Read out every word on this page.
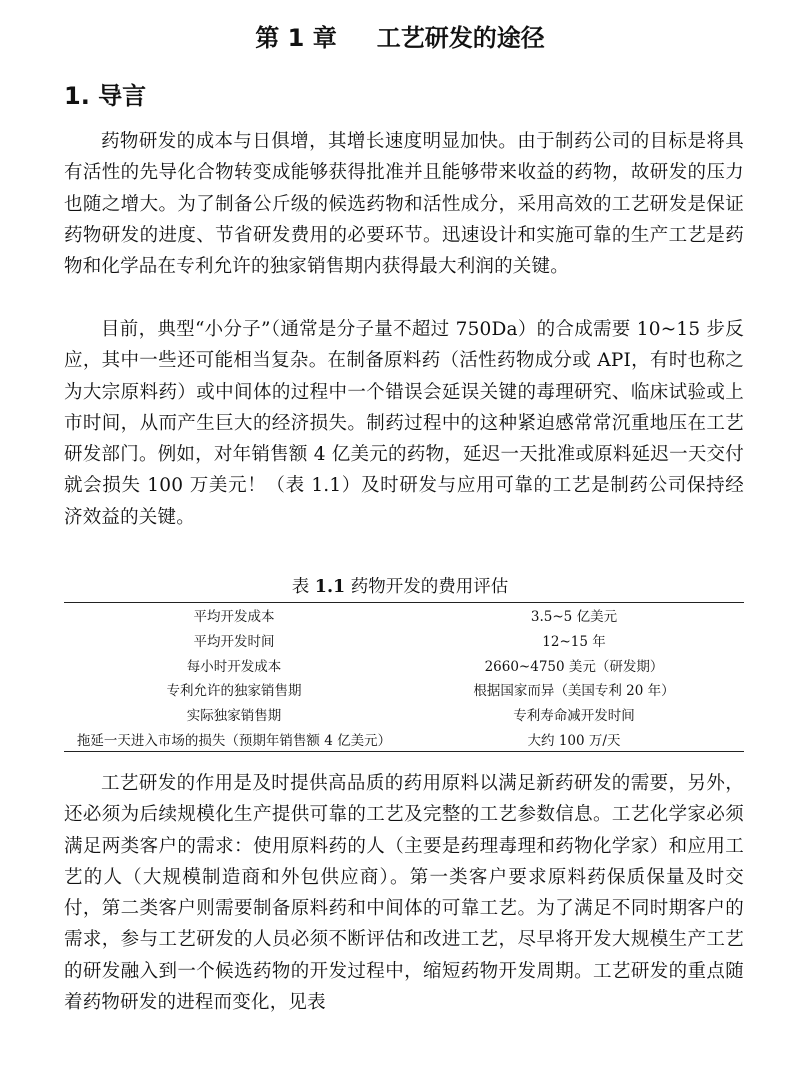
第 1 章 工艺研发的途径
1. 导言

药物研发的成本与日俱增，其增长速度明显加快。由于制药公司的目标是将具有活性的先导化合物转变成能够获得批准并且能够带来收益的药物，故研发的压力也随之增大。为了制备公斤级的候选药物和活性成分，采用高效的工艺研发是保证药物研发的进度、节省研发费用的必要环节。迅速设计和实施可靠的生产工艺是药物和化学品在专利允许的独家销售期内获得最大利润的关键。

目前，典型“小分子”（通常是分子量不超过 750Da）的合成需要 10~15 步反应，其中一些还可能相当复杂。在制备原料药（活性药物成分或 API，有时也称之为大宗原料药）或中间体的过程中一个错误会延误关键的毒理研究、临床试验或上市时间，从而产生巨大的经济损失。制药过程中的这种紧迫感常常沉重地压在工艺研发部门。例如，对年销售额 4 亿美元的药物，延迟一天批准或原料延迟一天交付就会损失 100 万美元！（表 1.1）及时研发与应用可靠的工艺是制药公司保持经济效益的关键。

表 1.1 药物开发的费用评估

平均开发成本	3.5~5 亿美元
平均开发时间	12~15 年
每小时开发成本	2660~4750 美元（研发期）
专利允许的独家销售期	根据国家而异（美国专利 20 年）
实际独家销售期	专利寿命减开发时间
拖延一天进入市场的损失（预期年销售额 4 亿美元）	大约 100 万/天

工艺研发的作用是及时提供高品质的药用原料以满足新药研发的需要，另外，还必须为后续规模化生产提供可靠的工艺及完整的工艺参数信息。工艺化学家必须满足两类客户的需求：使用原料药的人（主要是药理毒理和药物化学家）和应用工艺的人（大规模制造商和外包供应商）。第一类客户要求原料药保质保量及时交付，第二类客户则需要制备原料药和中间体的可靠工艺。为了满足不同时期客户的需求，参与工艺研发的人员必须不断评估和改进工艺，尽早将开发大规模生产工艺的研发融入到一个候选药物的开发过程中，缩短药物开发周期。工艺研发的重点随着药物研发的进程而变化，见表
